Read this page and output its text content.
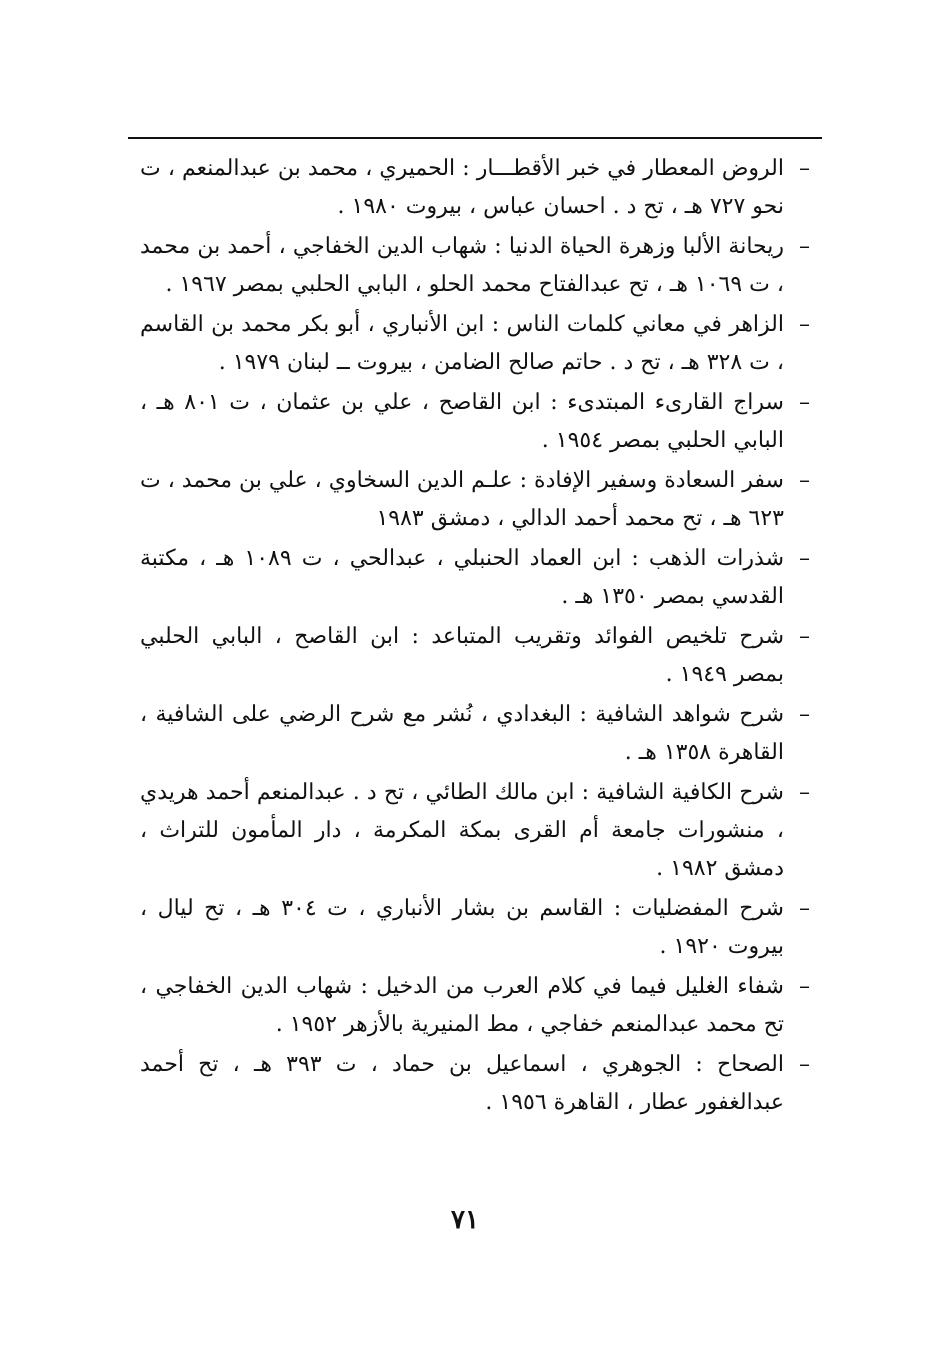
–
الروض المعطار في خبر الأقطـــار : الحميري ، محمد بن عبدالمنعم ، ت نحو ٧٢٧ هـ ، تح د . احسان عباس ، بيروت ١٩٨٠ .
–
ريحانة الألبا وزهرة الحياة الدنيا : شهاب الدين الخفاجي ، أحمد بن محمد ، ت ١٠٦٩ هـ ، تح عبدالفتاح محمد الحلو ، البابي الحلبي بمصر ١٩٦٧ .
–
الزاهر في معاني كلمات الناس : ابن الأنباري ، أبو بكر محمد بن القاسم ، ت ٣٢٨ هـ ، تح د . حاتم صالح الضامن ، بيروت ــ لبنان ١٩٧٩ .
–
سراج القارىء المبتدىء : ابن القاصح ، علي بن عثمان ، ت ٨٠١ هـ ، البابي الحلبي بمصر ١٩٥٤ .
–
سفر السعادة وسفير الإفادة : علـم الدين السخاوي ، علي بن محمد ، ت ٦٢٣ هـ ، تح محمد أحمد الدالي ، دمشق ١٩٨٣
–
شذرات الذهب : ابن العماد الحنبلي ، عبدالحي ، ت ١٠٨٩ هـ ، مكتبة القدسي بمصر ١٣٥٠ هـ .
–
شرح تلخيص الفوائد وتقريب المتباعد : ابن القاصح ، البابي الحلبي بمصر ١٩٤٩ .
–
شرح شواهد الشافية : البغدادي ، نُشر مع شرح الرضي على الشافية ، القاهرة ١٣٥٨ هـ .
–
شرح الكافية الشافية : ابن مالك الطائي ، تح د . عبدالمنعم أحمد هريدي ، منشورات جامعة أم القرى بمكة المكرمة ، دار المأمون للتراث ، دمشق ١٩٨٢ .
–
شرح المفضليات : القاسم بن بشار الأنباري ، ت ٣٠٤ هـ ، تح ليال ، بيروت ١٩٢٠ .
–
شفاء الغليل فيما في كلام العرب من الدخيل : شهاب الدين الخفاجي ، تح محمد عبدالمنعم خفاجي ، مط المنيرية بالأزهر ١٩٥٢ .
–
الصحاح : الجوهري ، اسماعيل بن حماد ، ت ٣٩٣ هـ ، تح أحمد عبدالغفور عطار ، القاهرة ١٩٥٦ .
٧١
